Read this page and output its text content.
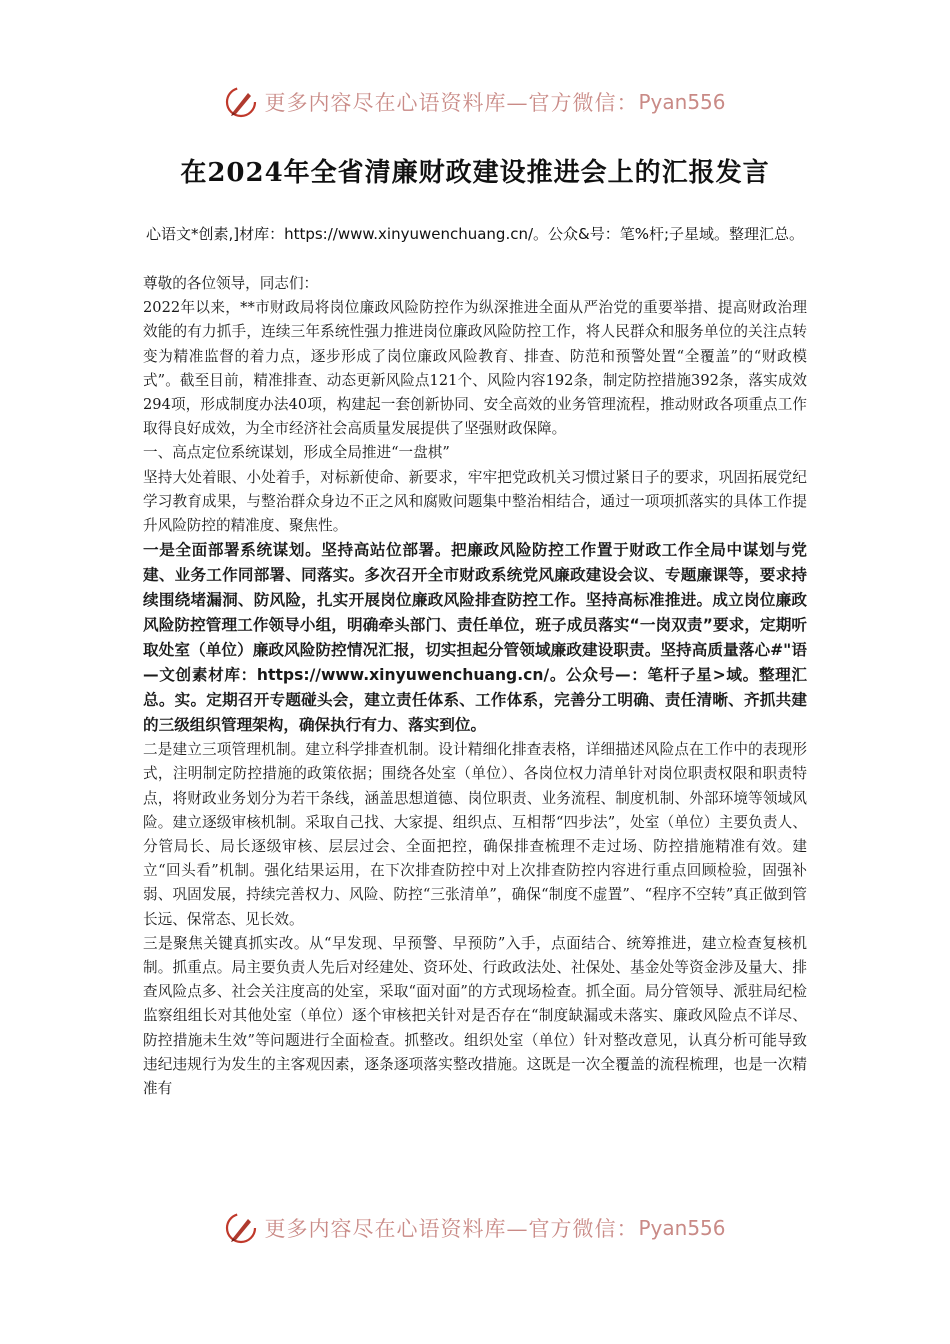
更多内容尽在心语资料库—官方微信： Pyan556
在2024年全省清廉财政建设推进会上的汇报发言
心语文*创素,]材库：https://www.xinyuwenchuang.cn/。公众&号：笔%杆;子星域。整理汇总。

尊敬的各位领导，同志们：

2022年以来，**市财政局将岗位廉政风险防控作为纵深推进全面从严治党的重要举措、提高财政治理效能的有力抓手，连续三年系统性强力推进岗位廉政风险防控工作，将人民群众和服务单位的关注点转变为精准监督的着力点，逐步形成了岗位廉政风险教育、排查、防范和预警处置“全覆盖”的“财政模式”。截至目前，精准排查、动态更新风险点121个、风险内容192条，制定防控措施392条，落实成效294项，形成制度办法40项，构建起一套创新协同、安全高效的业务管理流程，推动财政各项重点工作取得良好成效，为全市经济社会高质量发展提供了坚强财政保障。

一、高点定位系统谋划，形成全局推进“一盘棋”

坚持大处着眼、小处着手，对标新使命、新要求，牢牢把党政机关习惯过紧日子的要求，巩固拓展党纪学习教育成果，与整治群众身边不正之风和腐败问题集中整治相结合，通过一项项抓落实的具体工作提升风险防控的精准度、聚焦性。

一是全面部署系统谋划。坚持高站位部署。把廉政风险防控工作置于财政工作全局中谋划与党建、业务工作同部署、同落实。多次召开全市财政系统党风廉政建设会议、专题廉课等，要求持续围绕堵漏洞、防风险，扎实开展岗位廉政风险排查防控工作。坚持高标准推进。成立岗位廉政风险防控管理工作领导小组，明确牵头部门、责任单位，班子成员落实“一岗双责”要求，定期听取处室（单位）廉政风险防控情况汇报，切实担起分管领域廉政建设职责。坚持高质量落心#"语—文创素材库：https://www.xinyuwenchuang.cn/。公众号—：笔杆子星>域。整理汇总。实。定期召开专题碰头会，建立责任体系、工作体系，完善分工明确、责任清晰、齐抓共建的三级组织管理架构，确保执行有力、落实到位。

二是建立三项管理机制。建立科学排查机制。设计精细化排查表格，详细描述风险点在工作中的表现形式，注明制定防控措施的政策依据；围绕各处室（单位）、各岗位权力清单针对岗位职责权限和职责特点，将财政业务划分为若干条线，涵盖思想道德、岗位职责、业务流程、制度机制、外部环境等领域风险。建立逐级审核机制。采取自己找、大家提、组织点、互相帮“四步法”，处室（单位）主要负责人、分管局长、局长逐级审核、层层过会、全面把控，确保排查梳理不走过场、防控措施精准有效。建立“回头看”机制。强化结果运用，在下次排查防控中对上次排查防控内容进行重点回顾检验，固强补弱、巩固发展，持续完善权力、风险、防控“三张清单”，确保“制度不虚置”、“程序不空转”真正做到管长远、保常态、见长效。

三是聚焦关键真抓实改。从“早发现、早预警、早预防”入手，点面结合、统筹推进，建立检查复核机制。抓重点。局主要负责人先后对经建处、资环处、行政政法处、社保处、基金处等资金涉及量大、排查风险点多、社会关注度高的处室，采取“面对面”的方式现场检查。抓全面。局分管领导、派驻局纪检监察组组长对其他处室（单位）逐个审核把关针对是否存在“制度缺漏或未落实、廉政风险点不详尽、防控措施未生效”等问题进行全面检查。抓整改。组织处室（单位）针对整改意见，认真分析可能导致违纪违规行为发生的主客观因素，逐条逐项落实整改措施。这既是一次全覆盖的流程梳理，也是一次精准有

更多内容尽在心语资料库—官方微信： Pyan556
